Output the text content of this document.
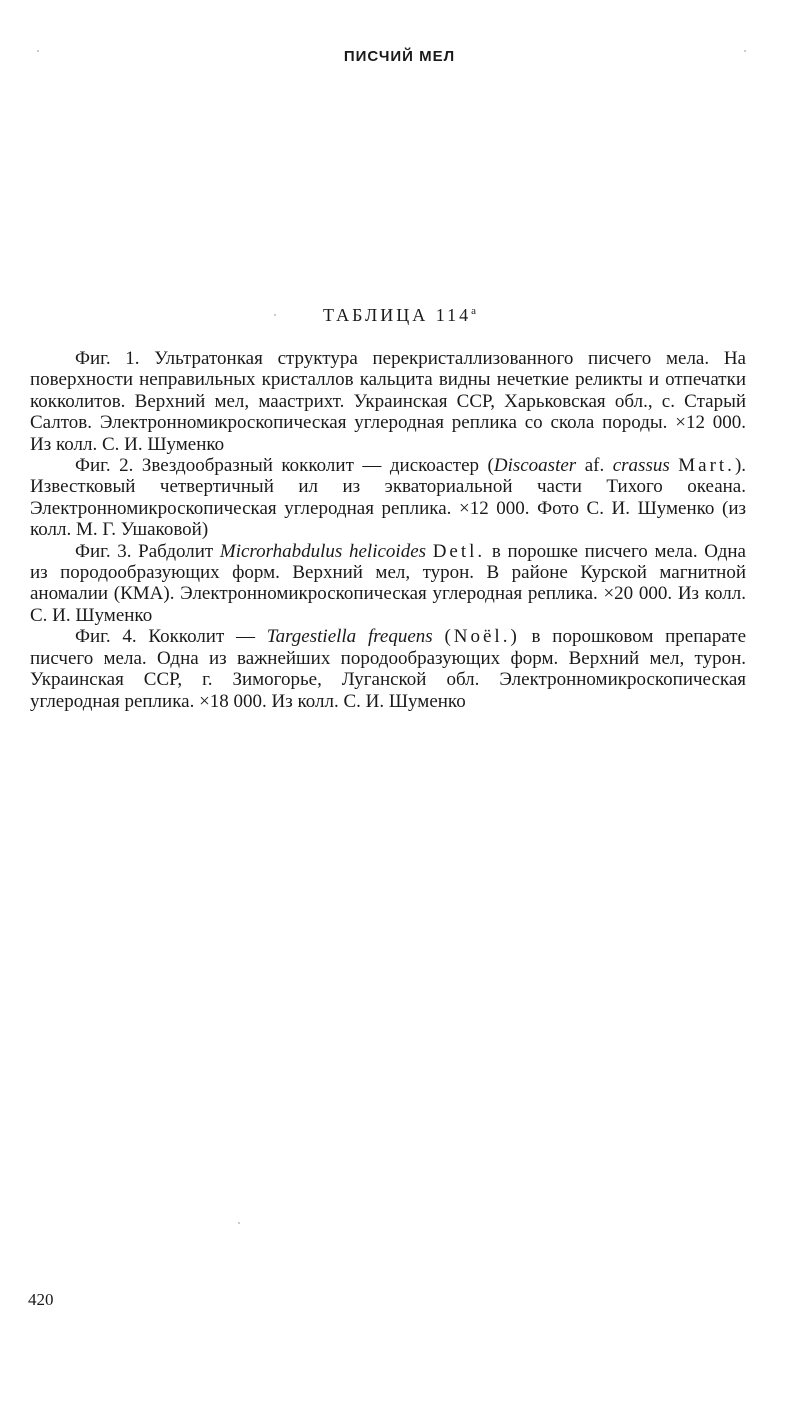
ПИСЧИЙ МЕЛ
ТАБЛИЦА $114^а$

Фиг. 1. Ультратонкая структура перекристаллизованного писчего мела. На поверхности неправильных кристаллов кальцита видны нечеткие реликты и отпечатки кокколитов. Верхний мел, маастрихт. Украинская ССР, Харьковская обл., с. Старый Салтов. Электронномикроскопическая углеродная реплика со скола породы. ×12 000. Из колл. С. И. Шуменко

Фиг. 2. Звездообразный кокколит — дискоастер (Discoaster af. crassus Mart.). Известковый четвертичный ил из экваториальной части Тихого океана. Электронномикроскопическая углеродная реплика. ×12 000. Фото С. И. Шуменко (из колл. М. Г. Ушаковой)

Фиг. 3. Рабдолит Microrhabdulus helicoides Detl. в порошке писчего мела. Одна из породообразующих форм. Верхний мел, турон. В районе Курской магнитной аномалии (КМА). Электронномикроскопическая углеродная реплика. ×20 000. Из колл. С. И. Шуменко

Фиг. 4. Кокколит — Targestiella frequens (Noël.) в порошковом препарате писчего мела. Одна из важнейших породообразующих форм. Верхний мел, турон. Украинская ССР, г. Зимогорье, Луганской обл. Электронномикроскопическая углеродная реплика. ×18 000. Из колл. С. И. Шуменко

420
